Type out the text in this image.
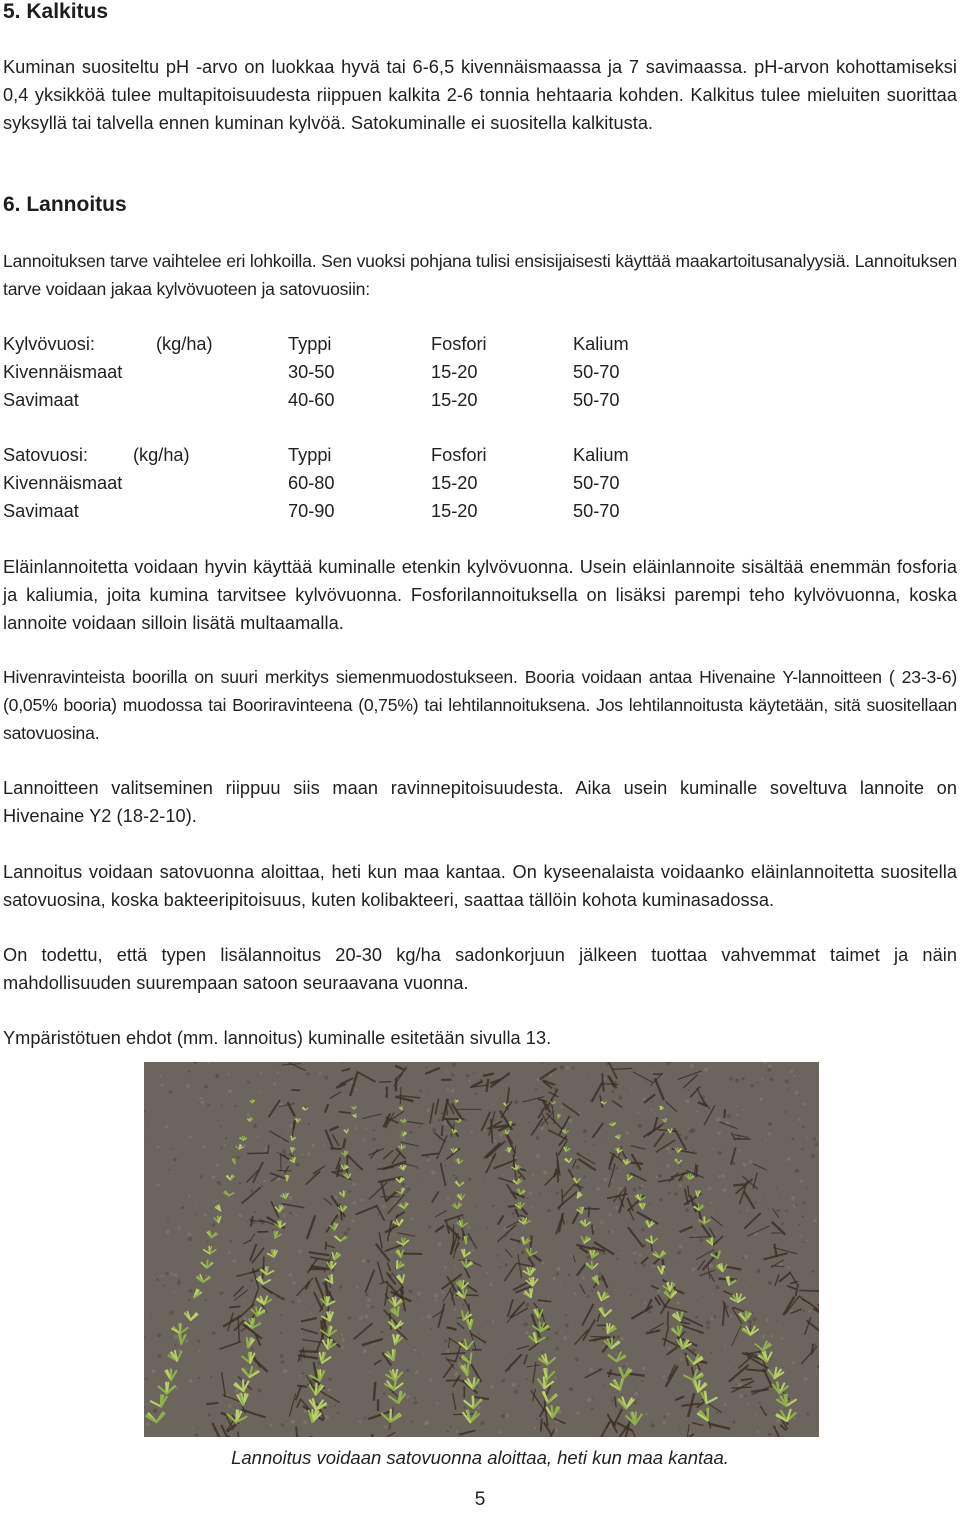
5. Kalkitus

Kuminan suositeltu pH -arvo on luokkaa hyvä tai 6-6,5 kivennäismaassa ja 7 savimaassa. pH-arvon kohottamiseksi 0,4 yksikköä tulee multapitoisuudesta riippuen kalkita 2-6 tonnia hehtaaria kohden. Kalkitus tulee mieluiten suorittaa syksyllä tai talvella ennen kuminan kylvöä. Satokuminalle ei suositella kalkitusta.

6. Lannoitus

Lannoituksen tarve vaihtelee eri lohkoilla. Sen vuoksi pohjana tulisi ensisijaisesti käyttää maakartoitusanalyysiä. Lannoituksen tarve voidaan jakaa kylvövuoteen ja satovuosiin:

Kylvövuosi:	(kg/ha)	Typpi	Fosfori	Kalium
Kivennäismaat	30-50	15-20	50-70
Savimaat	40-60	15-20	50-70
Satovuosi: (kg/ha)	Typpi	Fosfori	Kalium
Kivennäismaat	60-80	15-20	50-70
Savimaat	70-90	15-20	50-70

Eläinlannoitetta voidaan hyvin käyttää kuminalle etenkin kylvövuonna. Usein eläinlannoite sisältää enemmän fosforia ja kaliumia, joita kumina tarvitsee kylvövuonna. Fosforilannoituksella on lisäksi parempi teho kylvövuonna, koska lannoite voidaan silloin lisätä multaamalla.

Hivenravinteista boorilla on suuri merkitys siemenmuodostukseen. Booria voidaan antaa Hivenaine Y-lannoitteen ( 23-3-6) (0,05% booria) muodossa tai Booriravinteena (0,75%) tai lehtilannoituksena. Jos lehtilannoitusta käytetään, sitä suositellaan satovuosina.

Lannoitteen valitseminen riippuu siis maan ravinnepitoisuudesta. Aika usein kuminalle soveltuva lannoite on Hivenaine Y2 (18-2-10).

Lannoitus voidaan satovuonna aloittaa, heti kun maa kantaa. On kyseenalaista voidaanko eläinlannoitetta suositella satovuosina, koska bakteeripitoisuus, kuten kolibakteeri, saattaa tällöin kohota kuminasadossa.

On todettu, että typen lisälannoitus 20-30 kg/ha sadonkorjuun jälkeen tuottaa vahvemmat taimet ja näin mahdollisuuden suurempaan satoon seuraavana vuonna.

Ympäristötuen ehdot (mm. lannoitus) kuminalle esitetään sivulla 13.

Lannoitus voidaan satovuonna aloittaa, heti kun maa kantaa.

5
